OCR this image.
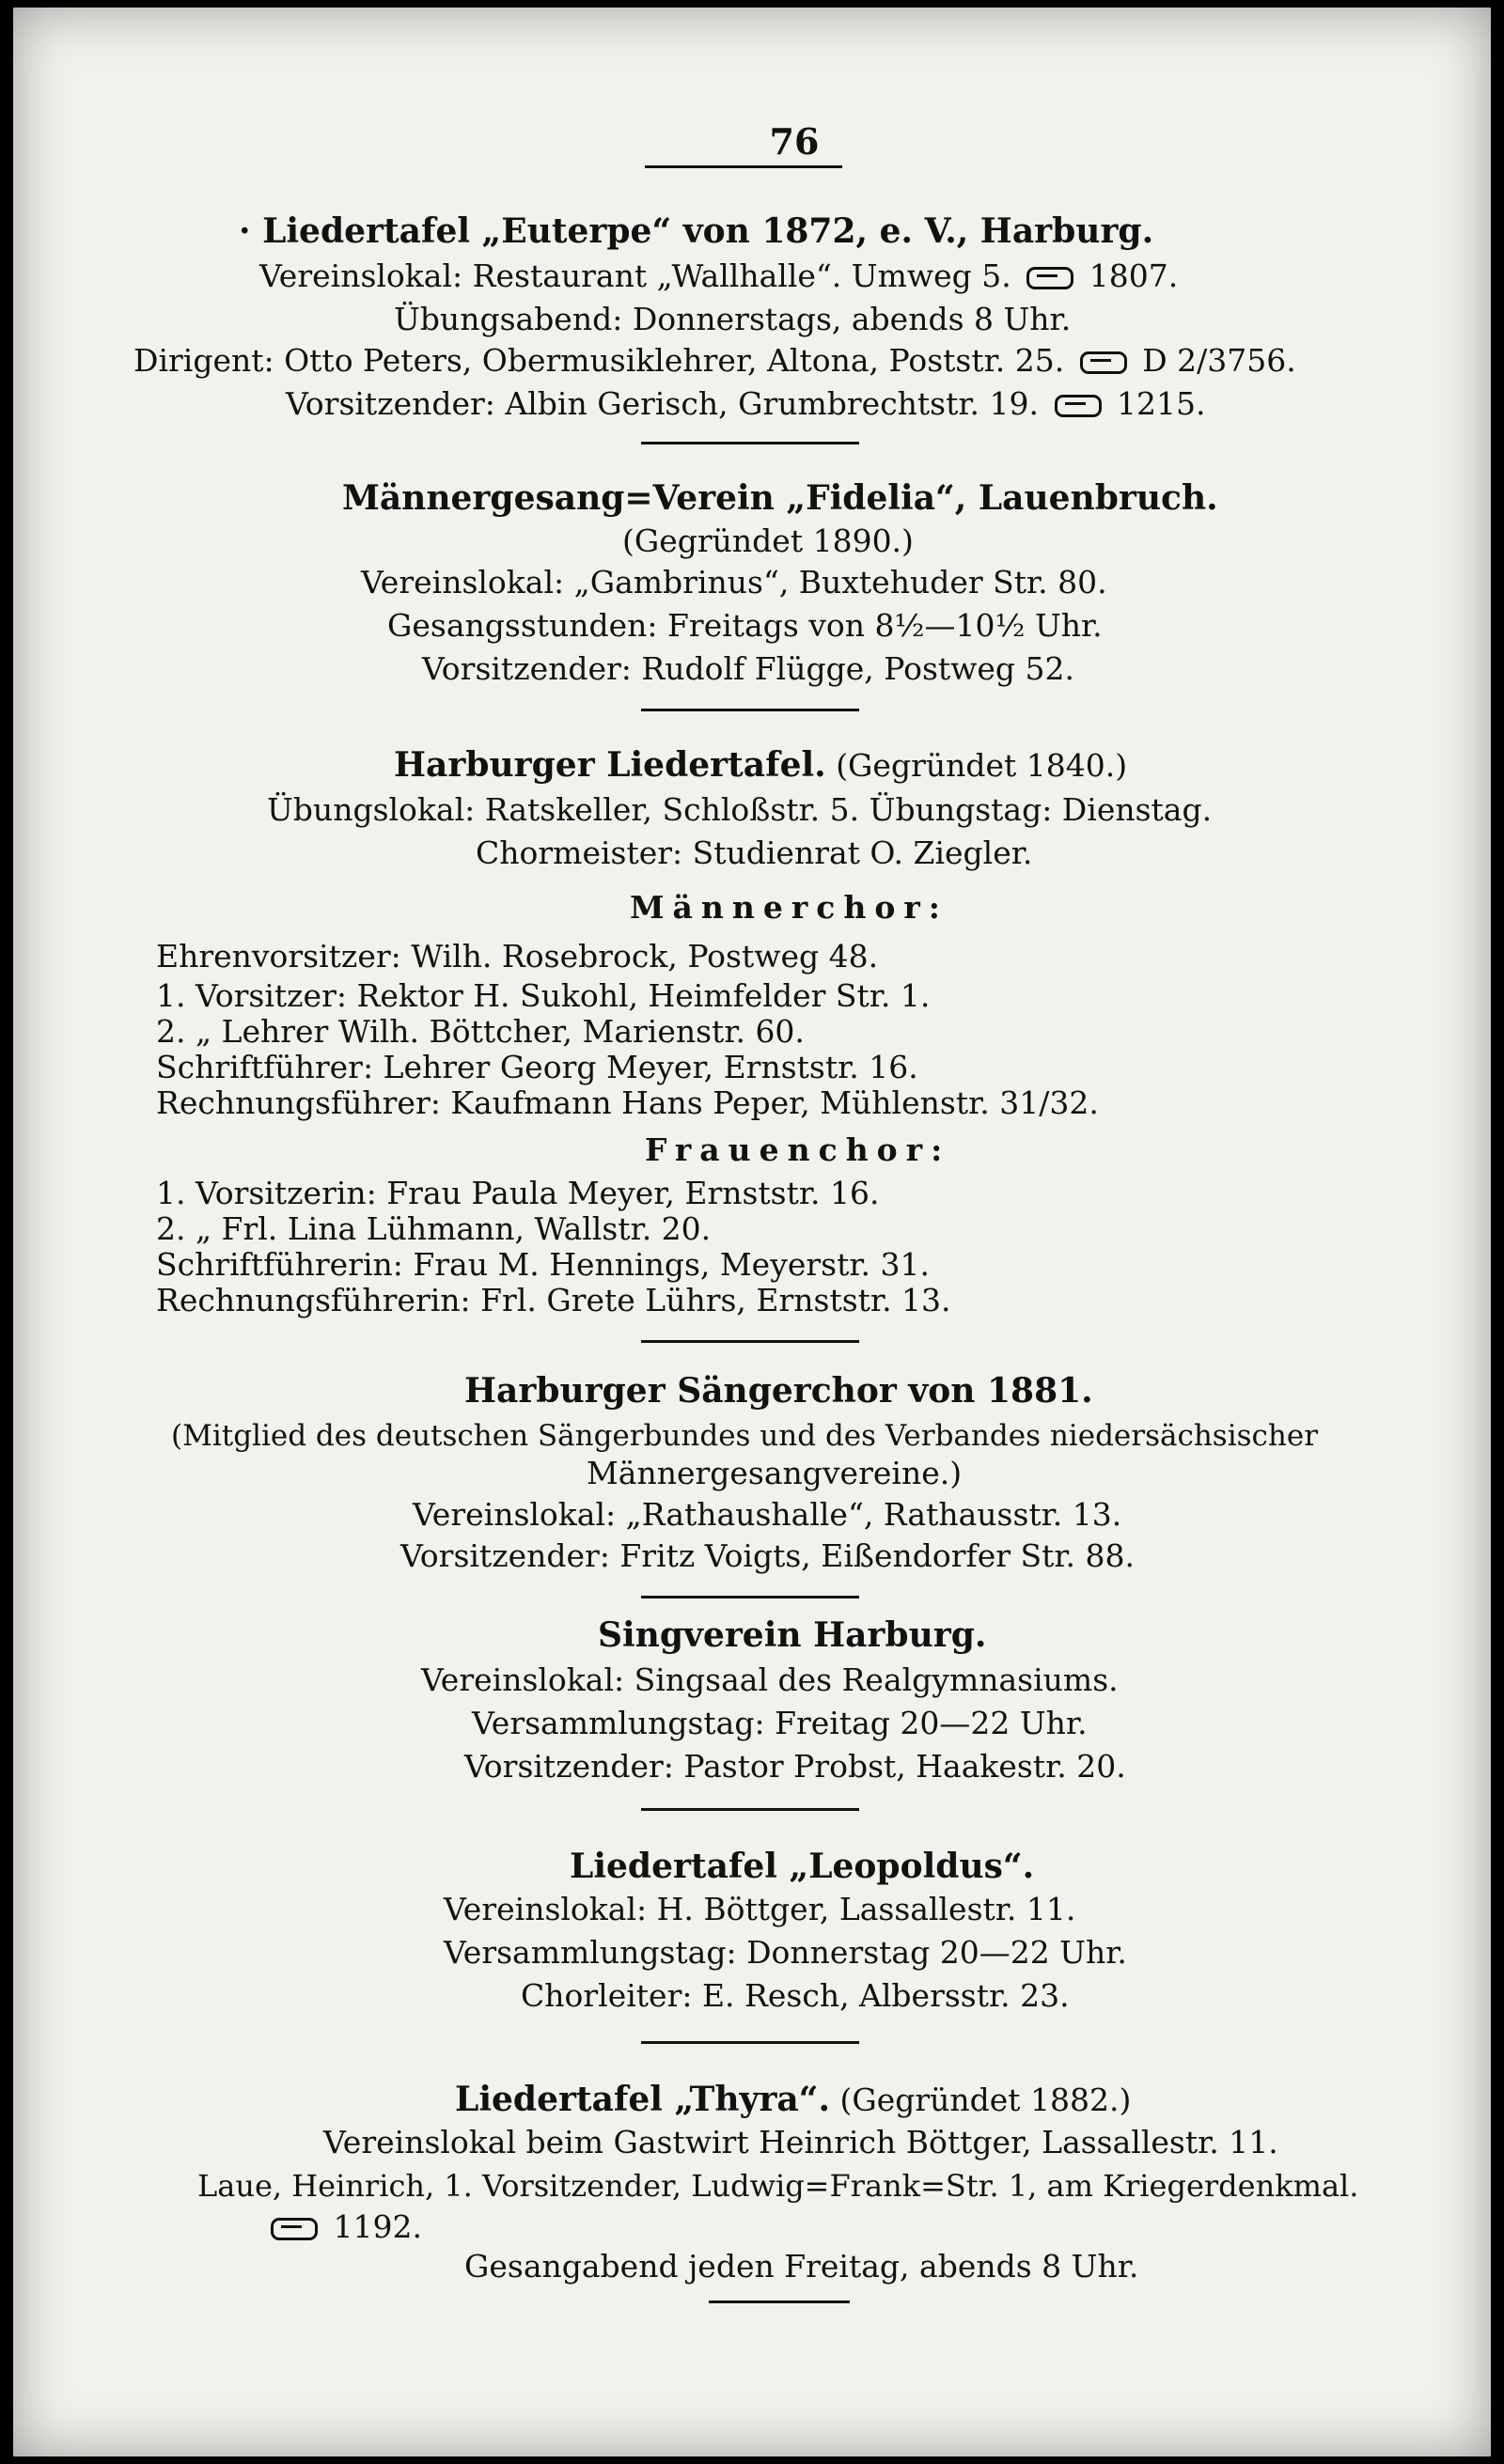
76
· Liedertafel „Euterpe“ von 1872, e. V., Harburg.
Vereinslokal: Restaurant „Wallhalle“. Umweg 5.	1807.
Übungsabend: Donnerstags, abends 8 Uhr.
Dirigent: Otto Peters, Obermusiklehrer, Altona, Poststr. 25.	D 2/3756.
Vorsitzender: Albin Gerisch, Grumbrechtstr. 19.	1215.
Männergesang=Verein „Fidelia“, Lauenbruch.
(Gegründet 1890.)
Vereinslokal: „Gambrinus“, Buxtehuder Str. 80.
Gesangsstunden: Freitags von 8½—10½ Uhr.
Vorsitzender: Rudolf Flügge, Postweg 52.
Harburger Liedertafel. (Gegründet 1840.)
Übungslokal: Ratskeller, Schloßstr. 5. Übungstag: Dienstag.
Chormeister: Studienrat O. Ziegler.
Männerchor:
Ehrenvorsitzer: Wilh. Rosebrock, Postweg 48.
1. Vorsitzer: Rektor H. Sukohl, Heimfelder Str. 1.
2. „ Lehrer Wilh. Böttcher, Marienstr. 60.
Schriftführer: Lehrer Georg Meyer, Ernststr. 16.
Rechnungsführer: Kaufmann Hans Peper, Mühlenstr. 31/32.
Frauenchor:
1. Vorsitzerin: Frau Paula Meyer, Ernststr. 16.
2. „ Frl. Lina Lühmann, Wallstr. 20.
Schriftführerin: Frau M. Hennings, Meyerstr. 31.
Rechnungsführerin: Frl. Grete Lührs, Ernststr. 13.
Harburger Sängerchor von 1881.
(Mitglied des deutschen Sängerbundes und des Verbandes niedersächsischer
Männergesangvereine.)
Vereinslokal: „Rathaushalle“, Rathausstr. 13.
Vorsitzender: Fritz Voigts, Eißendorfer Str. 88.
Singverein Harburg.
Vereinslokal: Singsaal des Realgymnasiums.
Versammlungstag: Freitag 20—22 Uhr.
Vorsitzender: Pastor Probst, Haakestr. 20.
Liedertafel „Leopoldus“.
Vereinslokal: H. Böttger, Lassallestr. 11.
Versammlungstag: Donnerstag 20—22 Uhr.
Chorleiter: E. Resch, Albersstr. 23.
Liedertafel „Thyra“. (Gegründet 1882.)
Vereinslokal beim Gastwirt Heinrich Böttger, Lassallestr. 11.
Laue, Heinrich, 1. Vorsitzender, Ludwig=Frank=Str. 1, am Kriegerdenkmal.
1192.
Gesangabend jeden Freitag, abends 8 Uhr.
